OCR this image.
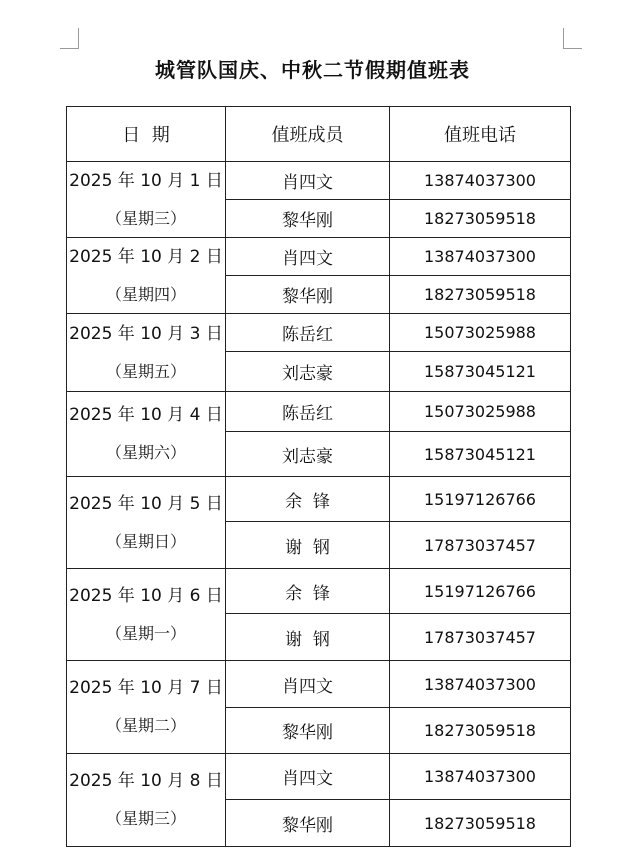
城管队国庆、中秋二节假期值班表
日  期	值班成员	值班电话

2025 年 10 月 1 日
（星期三）	肖四文	13874037300
	黎华刚	18273059518

2025 年 10 月 2 日
（星期四）	肖四文	13874037300
	黎华刚	18273059518

2025 年 10 月 3 日
（星期五）	陈岳红	15073025988
	刘志豪	15873045121

2025 年 10 月 4 日
（星期六）	陈岳红	15073025988
	刘志豪	15873045121

2025 年 10 月 5 日
（星期日）	余  锋	15197126766
	谢  钢	17873037457

2025 年 10 月 6 日
（星期一）	余  锋	15197126766
	谢  钢	17873037457

2025 年 10 月 7 日
（星期二）	肖四文	13874037300
	黎华刚	18273059518

2025 年 10 月 8 日
（星期三）	肖四文	13874037300
	黎华刚	18273059518
